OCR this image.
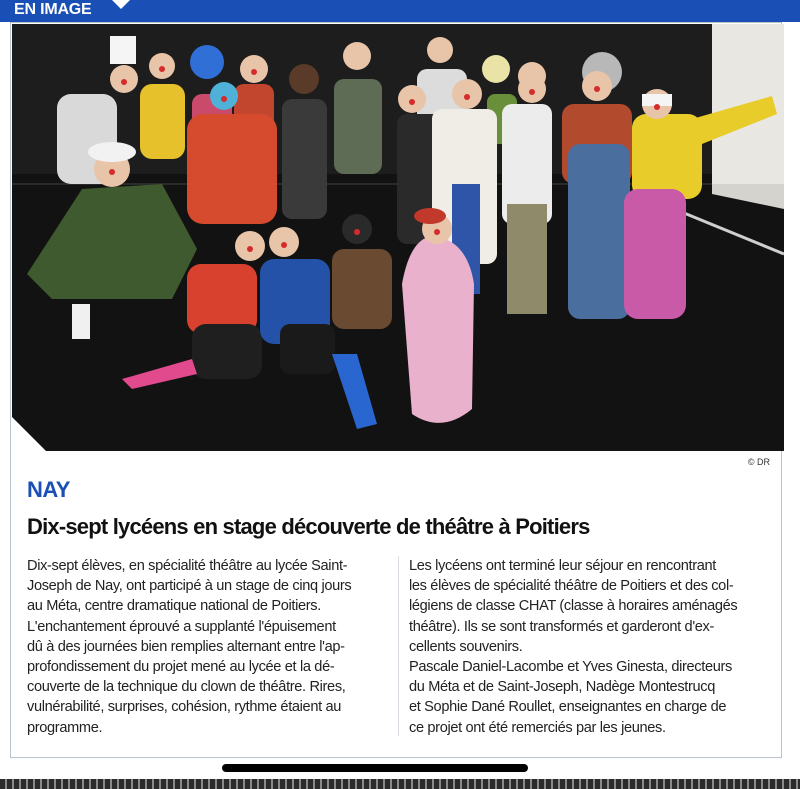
EN IMAGE
© DR
NAY
Dix-sept lycéens en stage découverte de théâtre à Poitiers
Dix-sept élèves, en spécialité théâtre au lycée Saint-
Joseph de Nay, ont participé à un stage de cinq jours
au Méta, centre dramatique national de Poitiers.
L'enchantement éprouvé a supplanté l'épuisement
dû à des journées bien remplies alternant entre l'ap-
profondissement du projet mené au lycée et la dé-
couverte de la technique du clown de théâtre. Rires,
vulnérabilité, surprises, cohésion, rythme étaient au
programme.
Les lycéens ont terminé leur séjour en rencontrant
les élèves de spécialité théâtre de Poitiers et des col-
légiens de classe CHAT (classe à horaires aménagés
théâtre). Ils se sont transformés et garderont d'ex-
cellents souvenirs.
Pascale Daniel-Lacombe et Yves Ginesta, directeurs
du Méta et de Saint-Joseph, Nadège Montestrucq
et Sophie Dané Roullet, enseignantes en charge de
ce projet ont été remerciés par les jeunes.
